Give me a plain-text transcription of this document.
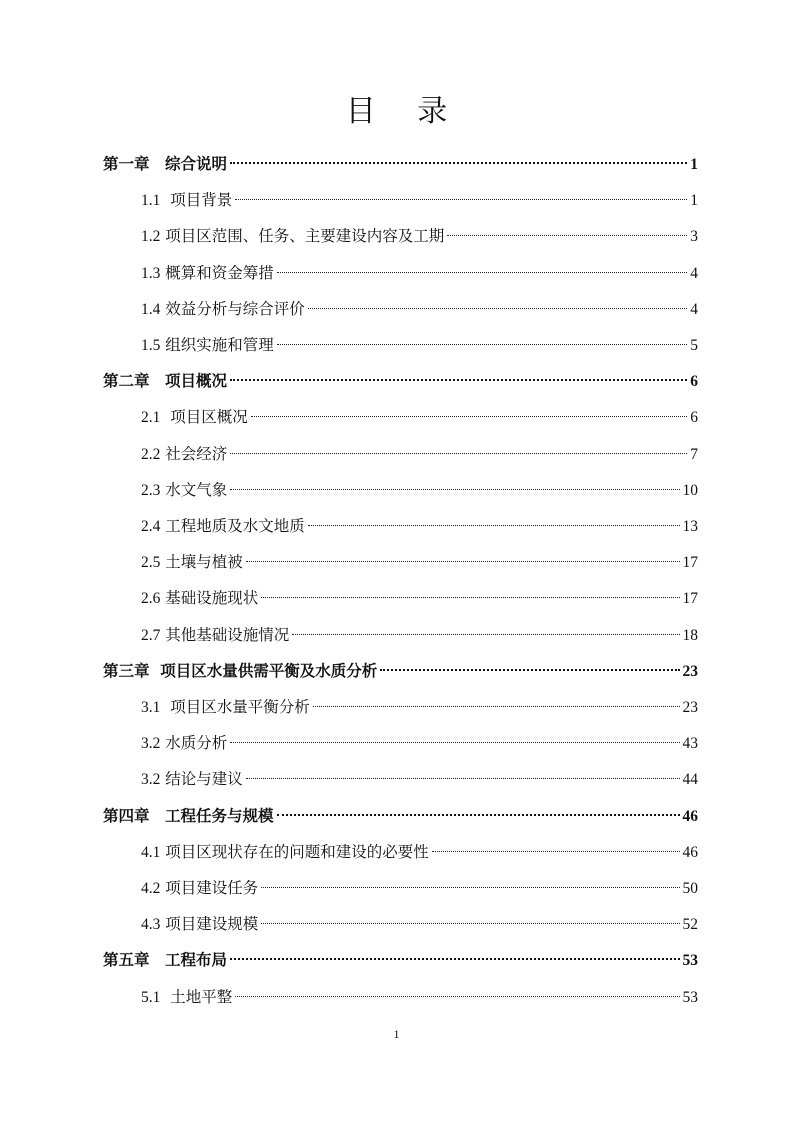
目 录
第一章　综合说明	1
1.1  项目背景	1
1.2 项目区范围、任务、主要建设内容及工期	3
1.3 概算和资金筹措	4
1.4 效益分析与综合评价	4
1.5 组织实施和管理	5
第二章　项目概况	6
2.1  项目区概况	6
2.2 社会经济	7
2.3 水文气象	10
2.4 工程地质及水文地质	13
2.5 土壤与植被	17
2.6 基础设施现状	17
2.7 其他基础设施情况	18
第三章  项目区水量供需平衡及水质分析	23
3.1  项目区水量平衡分析	23
3.2 水质分析	43
3.2 结论与建议	44
第四章　工程任务与规模	46
4.1 项目区现状存在的问题和建设的必要性	46
4.2 项目建设任务	50
4.3 项目建设规模	52
第五章　工程布局	53
5.1  土地平整	53
1
